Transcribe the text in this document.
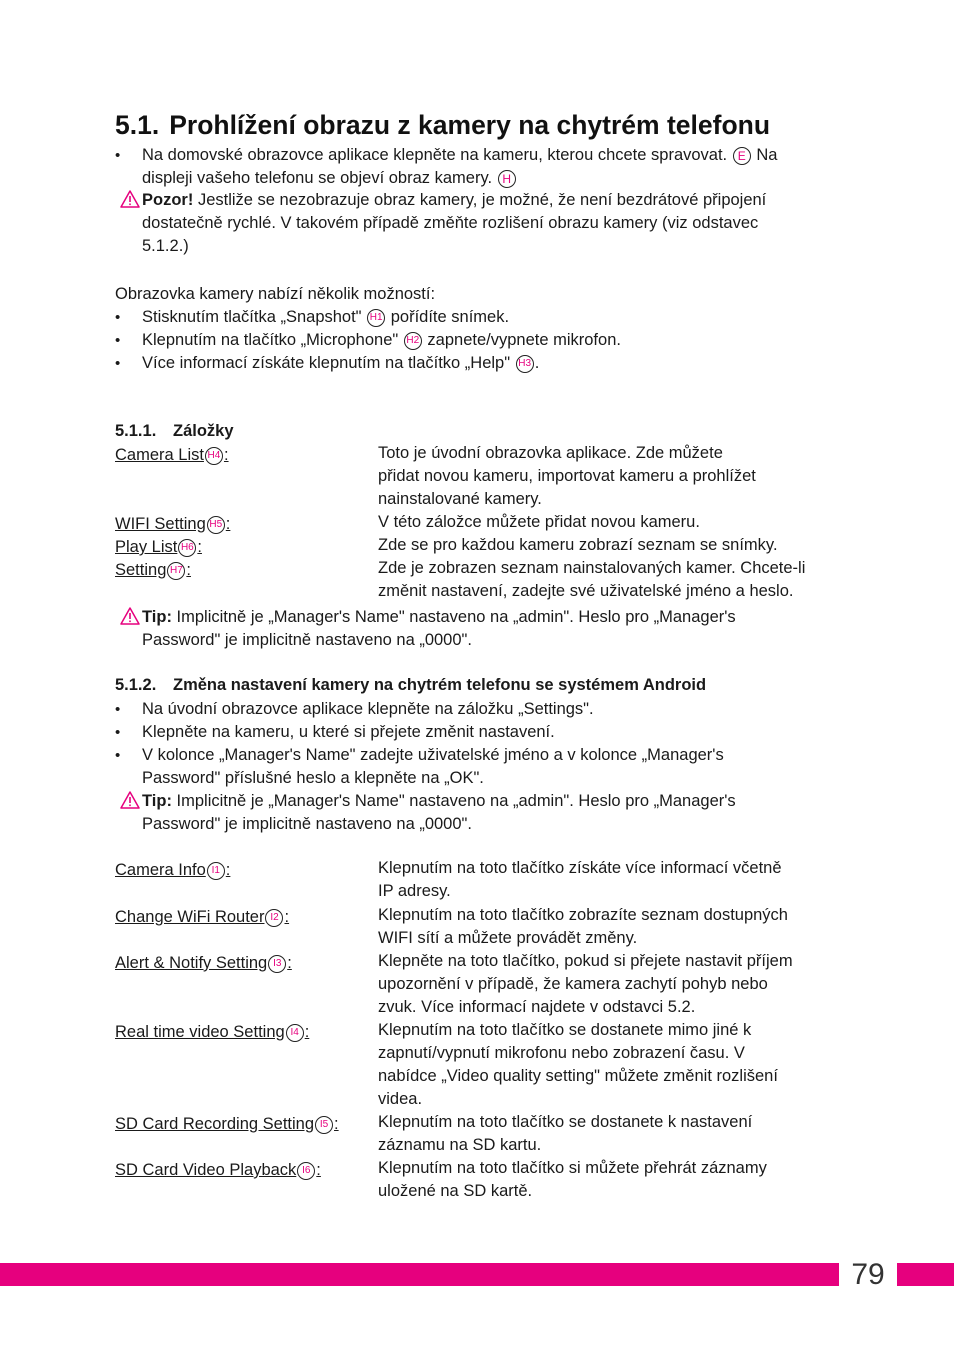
5.1. Prohlížení obrazu z kamery na chytrém telefonu
• Na domovské obrazovce aplikace klepněte na kameru, kterou chcete spravovat. E Na
displeji vašeho telefonu se objeví obraz kamery. H
Pozor! Jestliže se nezobrazuje obraz kamery, je možné, že není bezdrátové připojení
dostatečně rychlé. V takovém případě změňte rozlišení obrazu kamery (viz odstavec
5.1.2.)
Obrazovka kamery nabízí několik možností:
• Stisknutím tlačítka „Snapshot" H1 pořídíte snímek.
• Klepnutím na tlačítko „Microphone" H2 zapnete/vypnete mikrofon.
• Více informací získáte klepnutím na tlačítko „Help" H3 .
5.1.1. Záložky
Camera List H4 :	Toto je úvodní obrazovka aplikace. Zde můžete
přidat novou kameru, importovat kameru a prohlížet
nainstalované kamery.
WIFI Setting H5 :	V této záložce můžete přidat novou kameru.
Play List H6 :	Zde se pro každou kameru zobrazí seznam se snímky.
Setting H7 :	Zde je zobrazen seznam nainstalovaných kamer. Chcete-li
změnit nastavení, zadejte své uživatelské jméno a heslo.
Tip: Implicitně je „Manager's Name" nastaveno na „admin". Heslo pro „Manager's
Password" je implicitně nastaveno na „0000".
5.1.2. Změna nastavení kamery na chytrém telefonu se systémem Android
• Na úvodní obrazovce aplikace klepněte na záložku „Settings".
• Klepněte na kameru, u které si přejete změnit nastavení.
• V kolonce „Manager's Name" zadejte uživatelské jméno a v kolonce „Manager's
Password" příslušné heslo a klepněte na „OK".
Tip: Implicitně je „Manager's Name" nastaveno na „admin". Heslo pro „Manager's
Password" je implicitně nastaveno na „0000".
Camera Info I1 :	Klepnutím na toto tlačítko získáte více informací včetně
IP adresy.
Change WiFi Router I2 :	Klepnutím na toto tlačítko zobrazíte seznam dostupných
WIFI sítí a můžete provádět změny.
Alert & Notify Setting I3 :	Klepněte na toto tlačítko, pokud si přejete nastavit příjem
upozornění v případě, že kamera zachytí pohyb nebo
zvuk. Více informací najdete v odstavci 5.2.
Real time video Setting I4 :	Klepnutím na toto tlačítko se dostanete mimo jiné k
zapnutí/vypnutí mikrofonu nebo zobrazení času. V
nabídce „Video quality setting" můžete změnit rozlišení
videa.
SD Card Recording Setting I5 : Klepnutím na toto tlačítko se dostanete k nastavení
záznamu na SD kartu.
SD Card Video Playback I6 :	Klepnutím na toto tlačítko si můžete přehrát záznamy
uložené na SD kartě.
79
